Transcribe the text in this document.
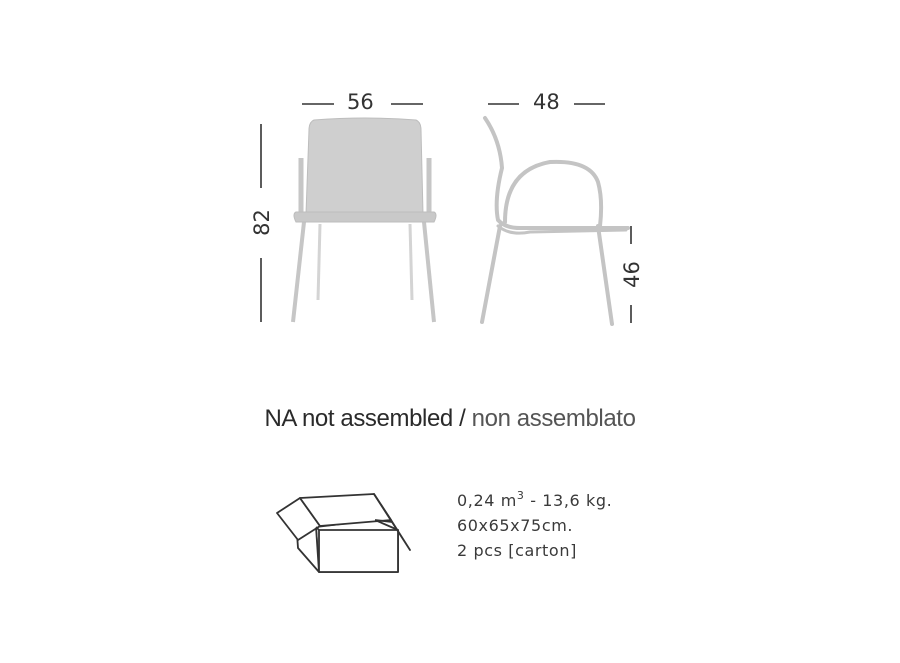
56	48
82
46
NA not assembled / non assemblato
0,24 $m^3 - 13,6$ kg.
60x65x75cm.
2 pcs [carton]
